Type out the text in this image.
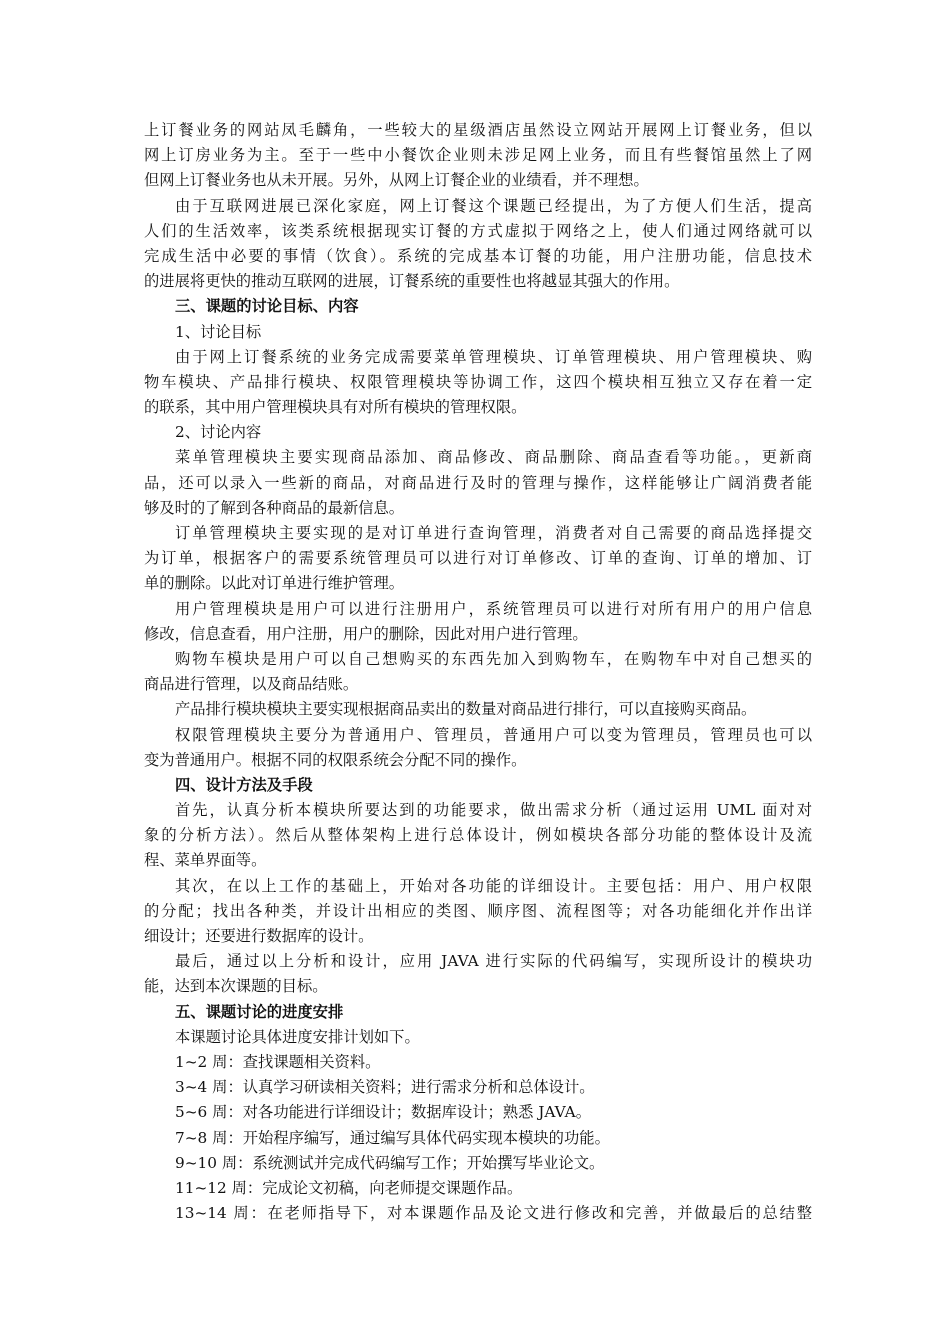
上订餐业务的网站凤毛麟角，一些较大的星级酒店虽然设立网站开展网上订餐业务，但以
网上订房业务为主。至于一些中小餐饮企业则未涉足网上业务，而且有些餐馆虽然上了网
但网上订餐业务也从未开展。另外，从网上订餐企业的业绩看，并不理想。
由于互联网进展已深化家庭，网上订餐这个课题已经提出，为了方便人们生活，提高
人们的生活效率，该类系统根据现实订餐的方式虚拟于网络之上，使人们通过网络就可以
完成生活中必要的事情（饮食）。系统的完成基本订餐的功能，用户注册功能，信息技术
的进展将更快的推动互联网的进展，订餐系统的重要性也将越显其强大的作用。
三、课题的讨论目标、内容
1、讨论目标
由于网上订餐系统的业务完成需要菜单管理模块、订单管理模块、用户管理模块、购
物车模块、产品排行模块、权限管理模块等协调工作，这四个模块相互独立又存在着一定
的联系，其中用户管理模块具有对所有模块的管理权限。
2、讨论内容
菜单管理模块主要实现商品添加、商品修改、商品删除、商品查看等功能。，更新商
品，还可以录入一些新的商品，对商品进行及时的管理与操作，这样能够让广阔消费者能
够及时的了解到各种商品的最新信息。
订单管理模块主要实现的是对订单进行查询管理，消费者对自己需要的商品选择提交
为订单，根据客户的需要系统管理员可以进行对订单修改、订单的查询、订单的增加、订
单的删除。以此对订单进行维护管理。
用户管理模块是用户可以进行注册用户，系统管理员可以进行对所有用户的用户信息
修改，信息查看，用户注册，用户的删除，因此对用户进行管理。
购物车模块是用户可以自己想购买的东西先加入到购物车，在购物车中对自己想买的
商品进行管理，以及商品结账。
产品排行模块模块主要实现根据商品卖出的数量对商品进行排行，可以直接购买商品。
权限管理模块主要分为普通用户、管理员，普通用户可以变为管理员，管理员也可以
变为普通用户。根据不同的权限系统会分配不同的操作。
四、设计方法及手段
首先，认真分析本模块所要达到的功能要求，做出需求分析（通过运用 UML 面对对
象的分析方法）。然后从整体架构上进行总体设计，例如模块各部分功能的整体设计及流
程、菜单界面等。
其次，在以上工作的基础上，开始对各功能的详细设计。主要包括：用户、用户权限
的分配；找出各种类，并设计出相应的类图、顺序图、流程图等；对各功能细化并作出详
细设计；还要进行数据库的设计。
最后，通过以上分析和设计，应用 JAVA 进行实际的代码编写，实现所设计的模块功
能，达到本次课题的目标。
五、课题讨论的进度安排
本课题讨论具体进度安排计划如下。
1~2 周：查找课题相关资料。
3~4 周：认真学习研读相关资料；进行需求分析和总体设计。
5~6 周：对各功能进行详细设计；数据库设计；熟悉 JAVA。
7~8 周：开始程序编写，通过编写具体代码实现本模块的功能。
9~10 周：系统测试并完成代码编写工作；开始撰写毕业论文。
11~12 周：完成论文初稿，向老师提交课题作品。
13~14 周：在老师指导下，对本课题作品及论文进行修改和完善，并做最后的总结整
